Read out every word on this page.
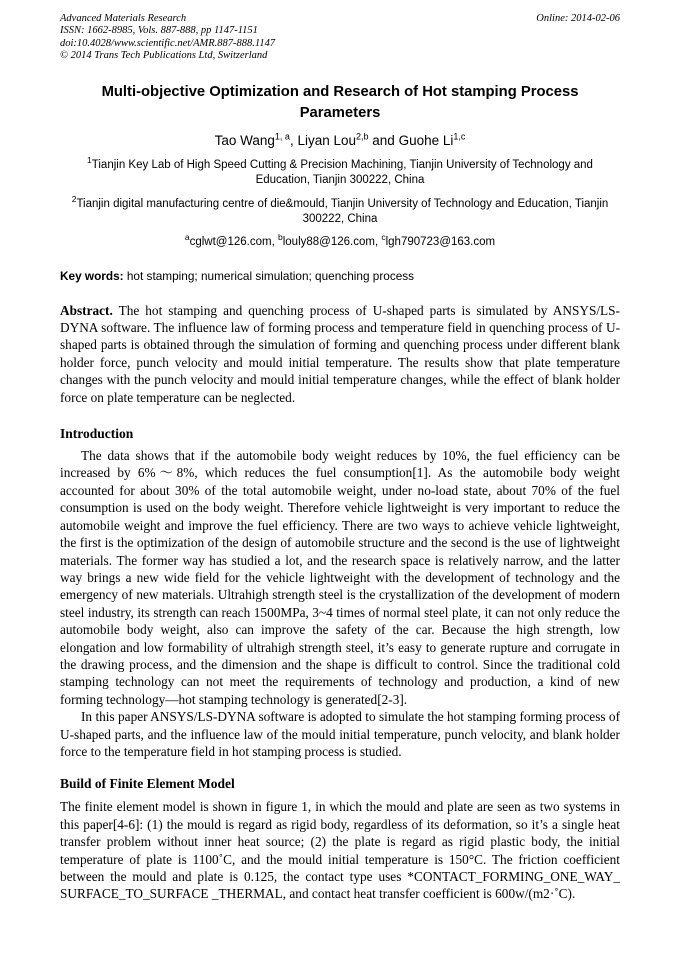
Advanced Materials Research
ISSN: 1662-8985, Vols. 887-888, pp 1147-1151
doi:10.4028/www.scientific.net/AMR.887-888.1147
© 2014 Trans Tech Publications Ltd, Switzerland
Online: 2014-02-06
Multi-objective Optimization and Research of Hot stamping Process Parameters

Tao Wang$^{1, a}$, Liyan Lou$^{2,b}$ and Guohe Li$^{1,c}$

$^1$Tianjin Key Lab of High Speed Cutting & Precision Machining, Tianjin University of Technology and Education, Tianjin 300222, China

$^2$Tianjin digital manufacturing centre of die&mould, Tianjin University of Technology and Education, Tianjin 300222, China

$^a$cglwt@126.com, $^b$louly88@126.com, $^c$lgh790723@163.com

Key words: hot stamping; numerical simulation; quenching process

Abstract. The hot stamping and quenching process of U-shaped parts is simulated by ANSYS/LS-DYNA software. The influence law of forming process and temperature field in quenching process of U-shaped parts is obtained through the simulation of forming and quenching process under different blank holder force, punch velocity and mould initial temperature. The results show that plate temperature changes with the punch velocity and mould initial temperature changes, while the effect of blank holder force on plate temperature can be neglected.

Introduction

The data shows that if the automobile body weight reduces by 10%, the fuel efficiency can be increased by 6%～8%, which reduces the fuel consumption[1]. As the automobile body weight accounted for about 30% of the total automobile weight, under no-load state, about 70% of the fuel consumption is used on the body weight. Therefore vehicle lightweight is very important to reduce the automobile weight and improve the fuel efficiency. There are two ways to achieve vehicle lightweight, the first is the optimization of the design of automobile structure and the second is the use of lightweight materials. The former way has studied a lot, and the research space is relatively narrow, and the latter way brings a new wide field for the vehicle lightweight with the development of technology and the emergency of new materials. Ultrahigh strength steel is the crystallization of the development of modern steel industry, its strength can reach 1500MPa, 3~4 times of normal steel plate, it can not only reduce the automobile body weight, also can improve the safety of the car. Because the high strength, low elongation and low formability of ultrahigh strength steel, it’s easy to generate rupture and corrugate in the drawing process, and the dimension and the shape is difficult to control. Since the traditional cold stamping technology can not meet the requirements of technology and production, a kind of new forming technology—hot stamping technology is generated[2-3].

In this paper ANSYS/LS-DYNA software is adopted to simulate the hot stamping forming process of U-shaped parts, and the influence law of the mould initial temperature, punch velocity, and blank holder force to the temperature field in hot stamping process is studied.

Build of Finite Element Model

The finite element model is shown in figure 1, in which the mould and plate are seen as two systems in this paper[4-6]: (1) the mould is regard as rigid body, regardless of its deformation, so it’s a single heat transfer problem without inner heat source; (2) the plate is regard as rigid plastic body, the initial temperature of plate is 1100˚C, and the mould initial temperature is 150°C. The friction coefficient between the mould and plate is 0.125, the contact type uses *CONTACT_FORMING_ONE_WAY_ SURFACE_TO_SURFACE _THERMAL, and contact heat transfer coefficient is 600w/(m2·˚C).
